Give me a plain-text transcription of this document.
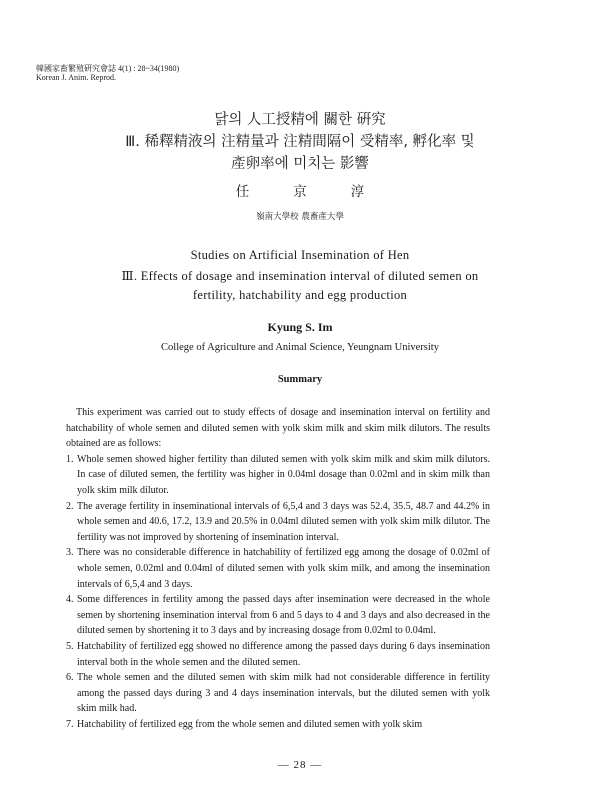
韓國家畜繁殖硏究會誌 4(1) : 28~34(1980)
Korean J. Anim. Reprod.
닭의 人工授精에 關한 硏究
Ⅲ. 稀釋精液의 注精量과 注精間隔이 受精率, 孵化率 및
產卵率에 미치는 影響
任京淳
嶺南大學校 農畜產大學
Studies on Artificial Insemination of Hen
Ⅲ. Effects of dosage and insemination interval of diluted semen on
fertility, hatchability and egg production
Kyung S. Im
College of Agriculture and Animal Science, Yeungnam University
Summary

This experiment was carried out to study effects of dosage and insemination interval on fertility and hatchability of whole semen and diluted semen with yolk skim milk and skim milk dilutors. The results obtained are as follows:

1. Whole semen showed higher fertility than diluted semen with yolk skim milk and skim milk dilutors. In case of diluted semen, the fertility was higher in 0.04ml dosage than 0.02ml and in skim milk than yolk skim milk dilutor.
2. The average fertility in inseminational intervals of 6,5,4 and 3 days was 52.4, 35.5, 48.7 and 44.2% in whole semen and 40.6, 17.2, 13.9 and 20.5% in 0.04ml diluted semen with yolk skim milk dilutor. The fertility was not improved by shortening of insemination interval.
3. There was no considerable difference in hatchability of fertilized egg among the dosage of 0.02ml of whole semen, 0.02ml and 0.04ml of diluted semen with yolk skim milk, and among the insemination intervals of 6,5,4 and 3 days.
4. Some differences in fertility among the passed days after insemination were decreased in the whole semen by shortening insemination interval from 6 and 5 days to 4 and 3 days and also decreased in the diluted semen by shortening it to 3 days and by increasing dosage from 0.02ml to 0.04ml.
5. Hatchability of fertilized egg showed no difference among the passed days during 6 days insemination interval both in the whole semen and the diluted semen.
6. The whole semen and the diluted semen with skim milk had not considerable difference in fertility among the passed days during 3 and 4 days insemination intervals, but the diluted semen with yolk skim milk had.
7. Hatchability of fertilized egg from the whole semen and diluted semen with yolk skim
— 28 —
